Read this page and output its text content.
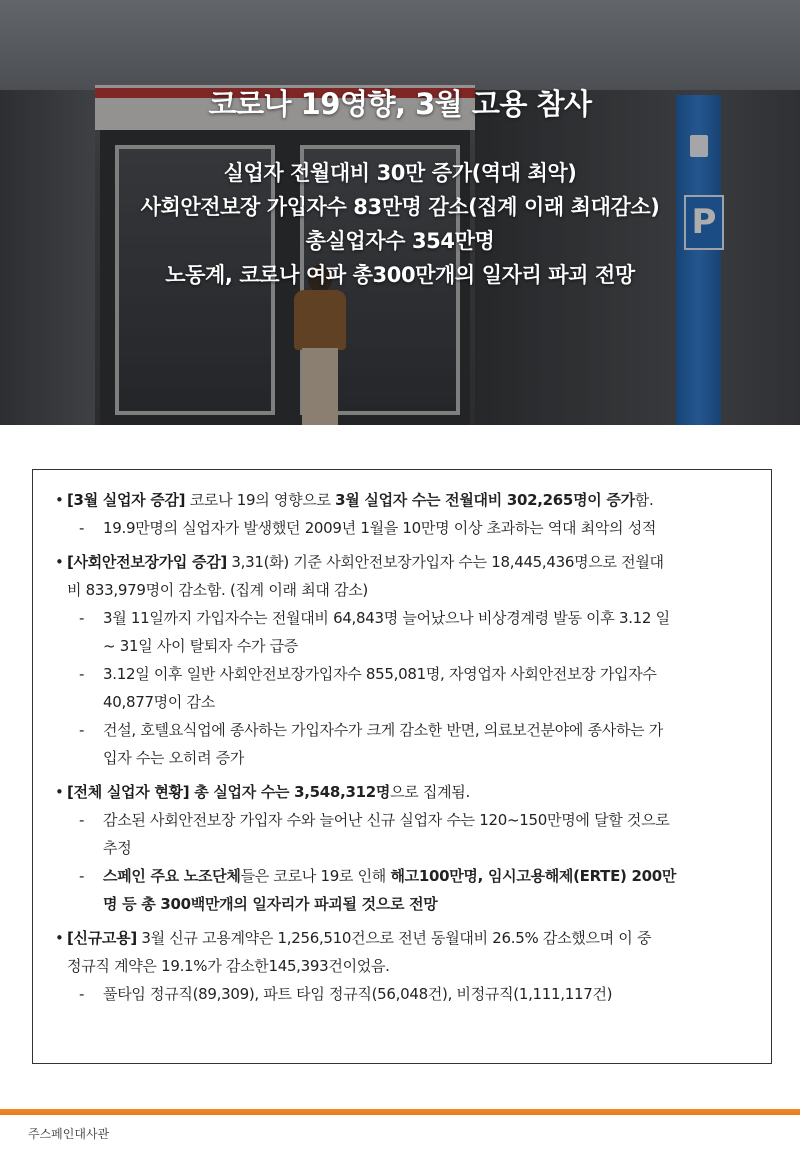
P
코로나 19영향, 3월 고용 참사
실업자 전월대비 30만 증가(역대 최악)
사회안전보장 가입자수 83만명 감소(집계 이래 최대감소)
총실업자수 354만명
노동계, 코로나 여파 총300만개의 일자리 파괴 전망
• [3월 실업자 증감] 코로나 19의 영향으로 3월 실업자 수는 전월대비 302,265명이 증가함.
- 19.9만명의 실업자가 발생했던 2009년 1월을 10만명 이상 초과하는 역대 최악의 성적
• [사회안전보장가입 증감] 3,31(화) 기준 사회안전보장가입자 수는 18,445,436명으로 전월대
비 833,979명이 감소함. (집계 이래 최대 감소)
- 3월 11일까지 가입자수는 전월대비 64,843명 늘어났으나 비상경계령 발동 이후 3.12 일
~ 31일 사이 탈퇴자 수가 급증
- 3.12일 이후 일반 사회안전보장가입자수 855,081명, 자영업자 사회안전보장 가입자수
40,877명이 감소
- 건설, 호텔요식업에 종사하는 가입자수가 크게 감소한 반면, 의료보건분야에 종사하는 가
입자 수는 오히려 증가
• [전체 실업자 현황] 총 실업자 수는 3,548,312명으로 집계됨.
- 감소된 사회안전보장 가입자 수와 늘어난 신규 실업자 수는 120~150만명에 달할 것으로
추정
- 스페인 주요 노조단체들은 코로나 19로 인해 해고100만명, 임시고용해제(ERTE) 200만
명 등 총 300백만개의 일자리가 파괴될 것으로 전망
• [신규고용] 3월 신규 고용계약은 1,256,510건으로 전년 동월대비 26.5% 감소했으며 이 중
정규직 계약은 19.1%가 감소한145,393건이었음.
- 풀타임 정규직(89,309), 파트 타임 정규직(56,048건), 비정규직(1,111,117건)
주스페인대사관
